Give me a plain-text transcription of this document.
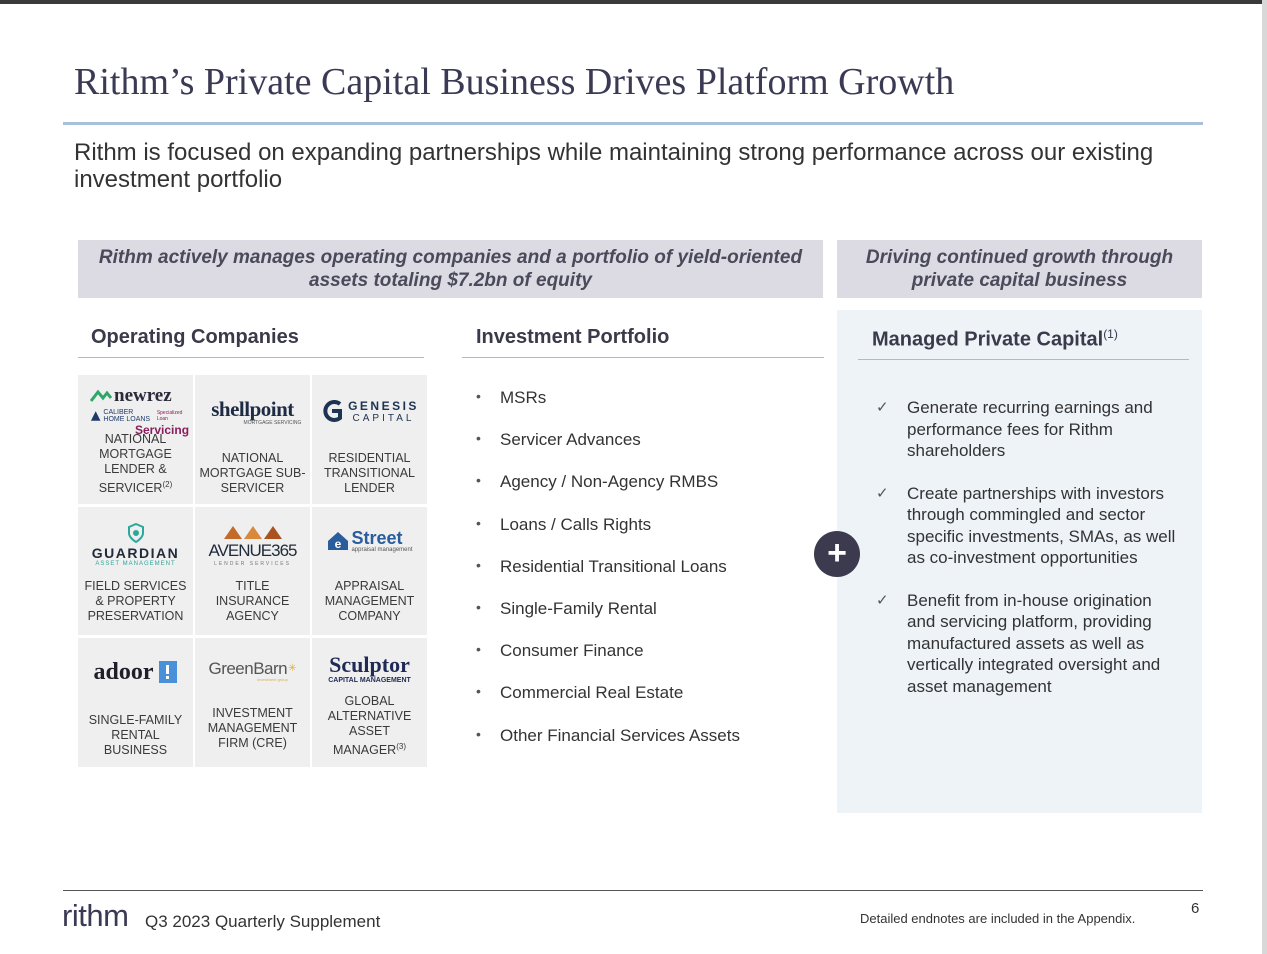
Rithm’s Private Capital Business Drives Platform Growth
Rithm is focused on expanding partnerships while maintaining strong performance across our existing investment portfolio
Rithm actively manages operating companies and a portfolio of yield-oriented assets totaling $7.2bn of equity
Driving continued growth through private capital business
Operating Companies
newrez
CALIBER HOME LOANS
Specialized Loan
Servicing
NATIONAL MORTGAGE LENDER & SERVICER$^{(2)}$
shellpoint
MORTGAGE SERVICING
NATIONAL MORTGAGE SUB-SERVICER
GENESIS
CAPITAL
RESIDENTIAL TRANSITIONAL LENDER
GUARDIAN
ASSET MANAGEMENT
FIELD SERVICES & PROPERTY PRESERVATION
AVENUE365
LENDER SERVICES
TITLE INSURANCE AGENCY
e Street
appraisal management
APPRAISAL MANAGEMENT COMPANY
adoor
SINGLE-FAMILY RENTAL BUSINESS
GreenBarn ✳
investment group
INVESTMENT MANAGEMENT FIRM (CRE)
Sculptor
CAPITAL MANAGEMENT
GLOBAL ALTERNATIVE ASSET MANAGER$^{(3)}$
Investment Portfolio
• MSRs
• Servicer Advances
• Agency / Non-Agency RMBS
• Loans / Calls Rights
• Residential Transitional Loans
• Single-Family Rental
• Consumer Finance
• Commercial Real Estate
• Other Financial Services Assets
Managed Private Capital$^{(1)}$
✓ Generate recurring earnings and performance fees for Rithm shareholders
✓ Create partnerships with investors through commingled and sector specific investments, SMAs, as well as co-investment opportunities
✓ Benefit from in-house origination and servicing platform, providing manufactured assets as well as vertically integrated oversight and asset management
+
rithm Q3 2023 Quarterly Supplement	Detailed endnotes are included in the Appendix.
6
